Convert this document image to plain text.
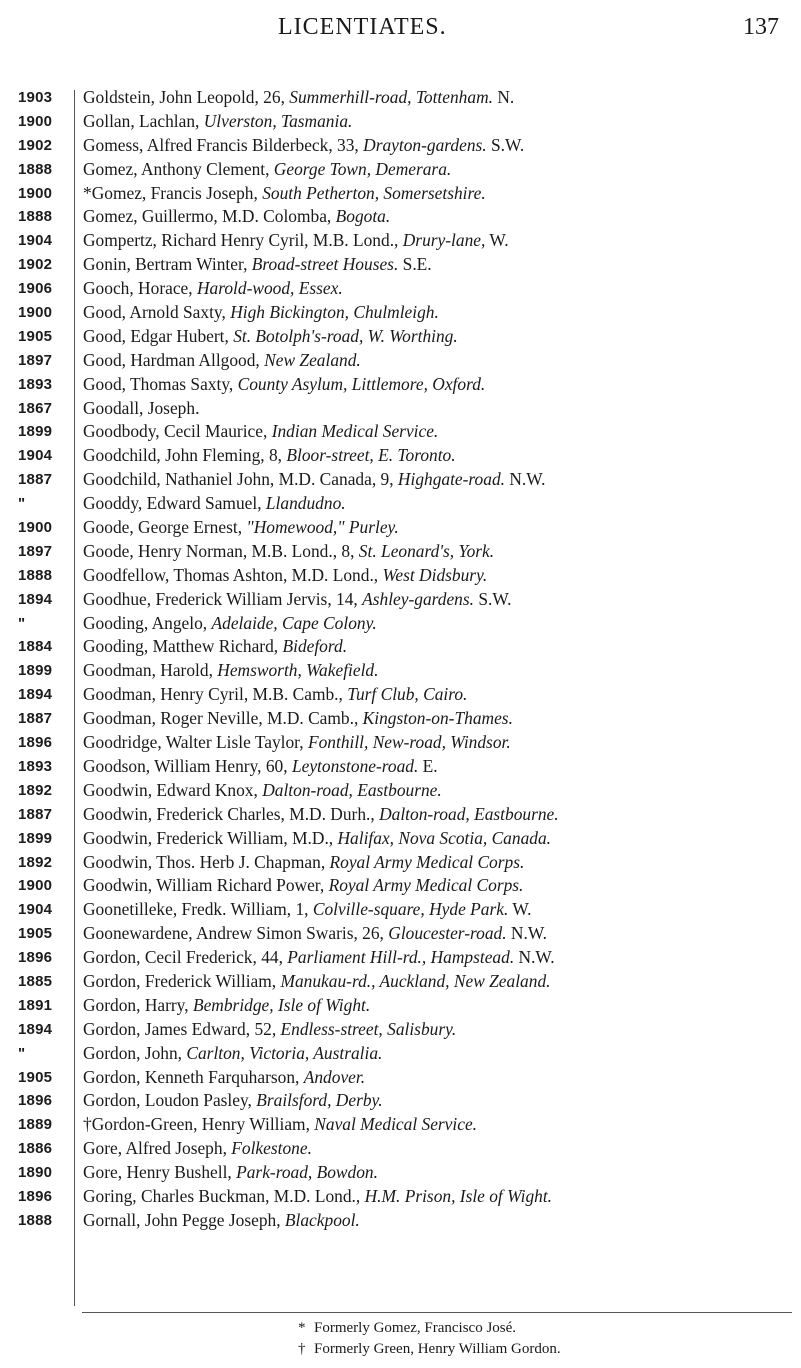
LICENTIATES.	137
1903	Goldstein, John Leopold, 26, Summerhill-road, Tottenham. N.
1900	Gollan, Lachlan, Ulverston, Tasmania.
1902	Gomess, Alfred Francis Bilderbeck, 33, Drayton-gardens. S.W.
1888	Gomez, Anthony Clement, George Town, Demerara.
1900	*Gomez, Francis Joseph, South Petherton, Somersetshire.
1888	Gomez, Guillermo, M.D. Colomba, Bogota.
1904	Gompertz, Richard Henry Cyril, M.B. Lond., Drury-lane, W.
1902	Gonin, Bertram Winter, Broad-street Houses. S.E.
1906	Gooch, Horace, Harold-wood, Essex.
1900	Good, Arnold Saxty, High Bickington, Chulmleigh.
1905	Good, Edgar Hubert, St. Botolph's-road, W. Worthing.
1897	Good, Hardman Allgood, New Zealand.
1893	Good, Thomas Saxty, County Asylum, Littlemore, Oxford.
1867	Goodall, Joseph.
1899	Goodbody, Cecil Maurice, Indian Medical Service.
1904	Goodchild, John Fleming, 8, Bloor-street, E. Toronto.
1887	Goodchild, Nathaniel John, M.D. Canada, 9, Highgate-road. N.W.
"	Gooddy, Edward Samuel, Llandudno.
1900	Goode, George Ernest, "Homewood," Purley.
1897	Goode, Henry Norman, M.B. Lond., 8, St. Leonard's, York.
1888	Goodfellow, Thomas Ashton, M.D. Lond., West Didsbury.
1894	Goodhue, Frederick William Jervis, 14, Ashley-gardens. S.W.
"	Gooding, Angelo, Adelaide, Cape Colony.
1884	Gooding, Matthew Richard, Bideford.
1899	Goodman, Harold, Hemsworth, Wakefield.
1894	Goodman, Henry Cyril, M.B. Camb., Turf Club, Cairo.
1887	Goodman, Roger Neville, M.D. Camb., Kingston-on-Thames.
1896	Goodridge, Walter Lisle Taylor, Fonthill, New-road, Windsor.
1893	Goodson, William Henry, 60, Leytonstone-road. E.
1892	Goodwin, Edward Knox, Dalton-road, Eastbourne.
1887	Goodwin, Frederick Charles, M.D. Durh., Dalton-road, Eastbourne.
1899	Goodwin, Frederick William, M.D., Halifax, Nova Scotia, Canada.
1892	Goodwin, Thos. Herb J. Chapman, Royal Army Medical Corps.
1900	Goodwin, William Richard Power, Royal Army Medical Corps.
1904	Goonetilleke, Fredk. William, 1, Colville-square, Hyde Park. W.
1905	Goonewardene, Andrew Simon Swaris, 26, Gloucester-road. N.W.
1896	Gordon, Cecil Frederick, 44, Parliament Hill-rd., Hampstead. N.W.
1885	Gordon, Frederick William, Manukau-rd., Auckland, New Zealand.
1891	Gordon, Harry, Bembridge, Isle of Wight.
1894	Gordon, James Edward, 52, Endless-street, Salisbury.
"	Gordon, John, Carlton, Victoria, Australia.
1905	Gordon, Kenneth Farquharson, Andover.
1896	Gordon, Loudon Pasley, Brailsford, Derby.
1889	†Gordon-Green, Henry William, Naval Medical Service.
1886	Gore, Alfred Joseph, Folkestone.
1890	Gore, Henry Bushell, Park-road, Bowdon.
1896	Goring, Charles Buckman, M.D. Lond., H.M. Prison, Isle of Wight.
1888	Gornall, John Pegge Joseph, Blackpool.
* Formerly Gomez, Francisco José.
† Formerly Green, Henry William Gordon.
